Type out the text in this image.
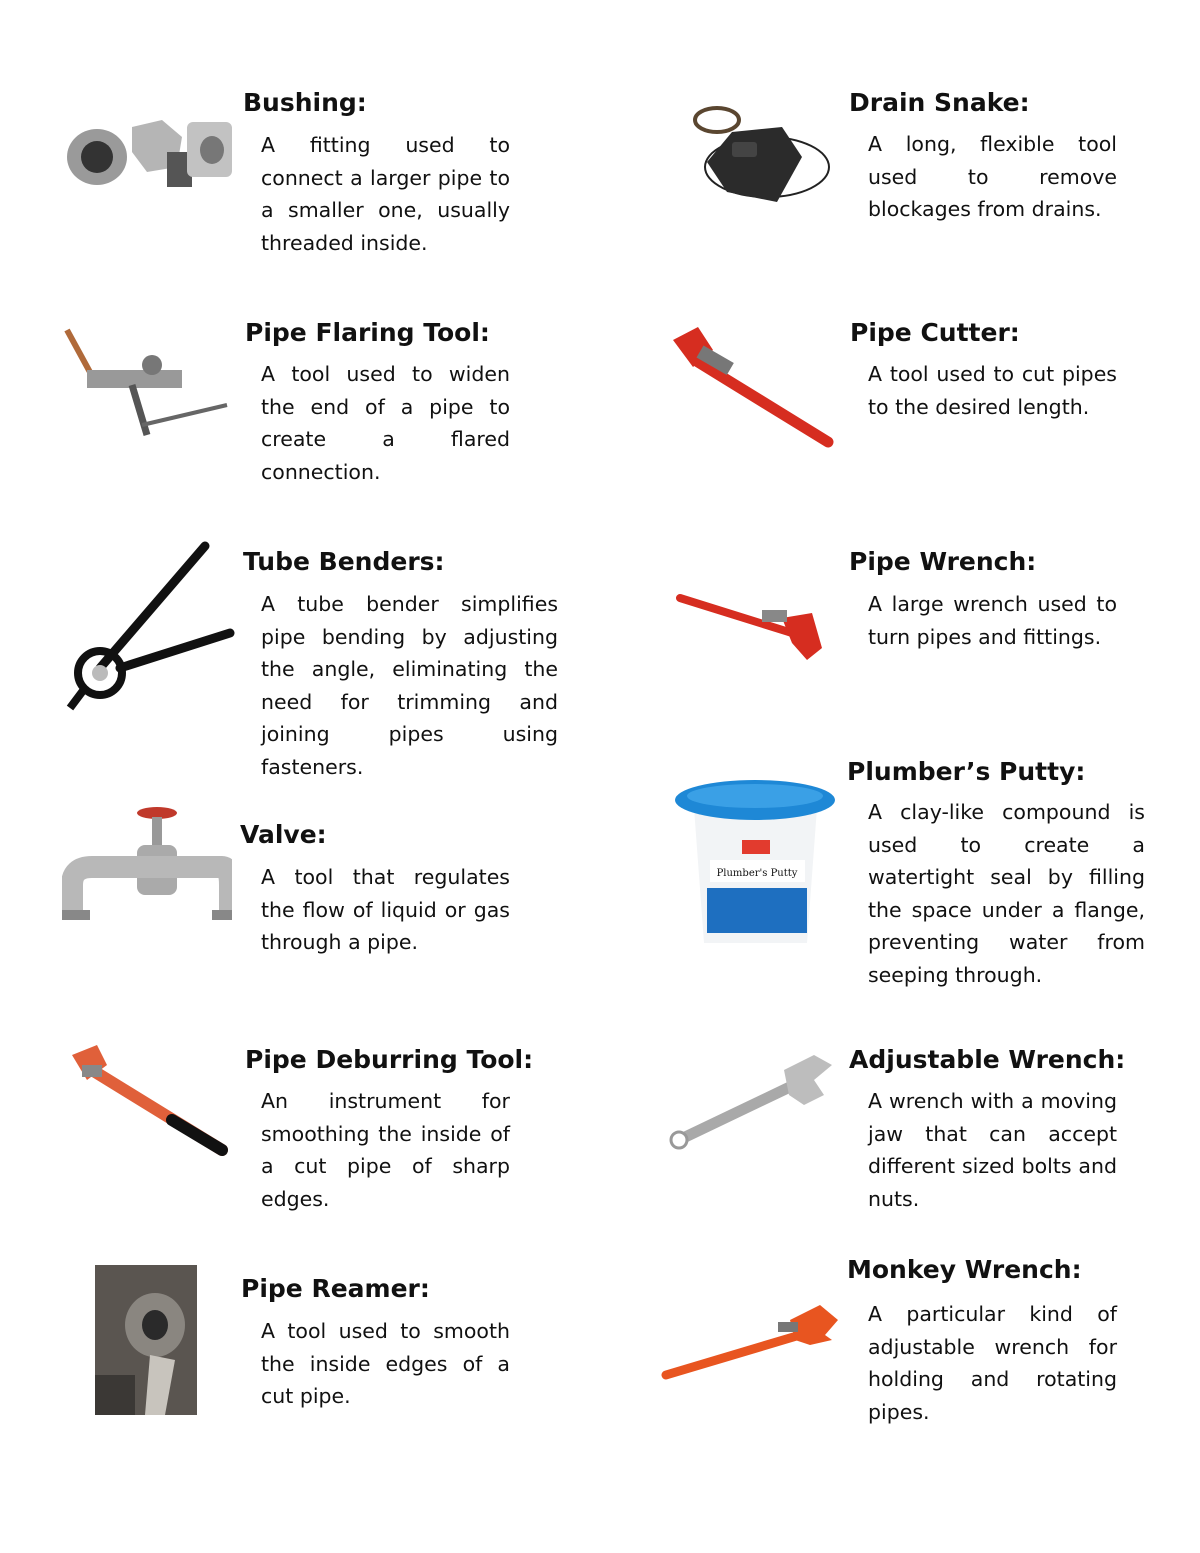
Bushing:

A fitting used to connect a larger pipe to a smaller one, usually threaded inside.

Pipe Flaring Tool:

A tool used to widen the end of a pipe to create a flared connection.

Tube Benders:

A tube bender simplifies pipe bending by adjusting the angle, eliminating the need for trimming and joining pipes using fasteners.

Valve:

A tool that regulates the flow of liquid or gas through a pipe.

Pipe Deburring Tool:

An instrument for smoothing the inside of a cut pipe of sharp edges.

Pipe Reamer:

A tool used to smooth the inside edges of a cut pipe.

Drain Snake:

A long, flexible tool used to remove blockages from drains.

Pipe Cutter:

A tool used to cut pipes to the desired length.

Pipe Wrench:

A large wrench used to turn pipes and fittings.

Plumber's Putty
Plumber’s Putty:

A clay-like compound is used to create a watertight seal by filling the space under a flange, preventing water from seeping through.

Adjustable Wrench:

A wrench with a moving jaw that can accept different sized bolts and nuts.

Monkey Wrench:

A particular kind of adjustable wrench for holding and rotating pipes.
